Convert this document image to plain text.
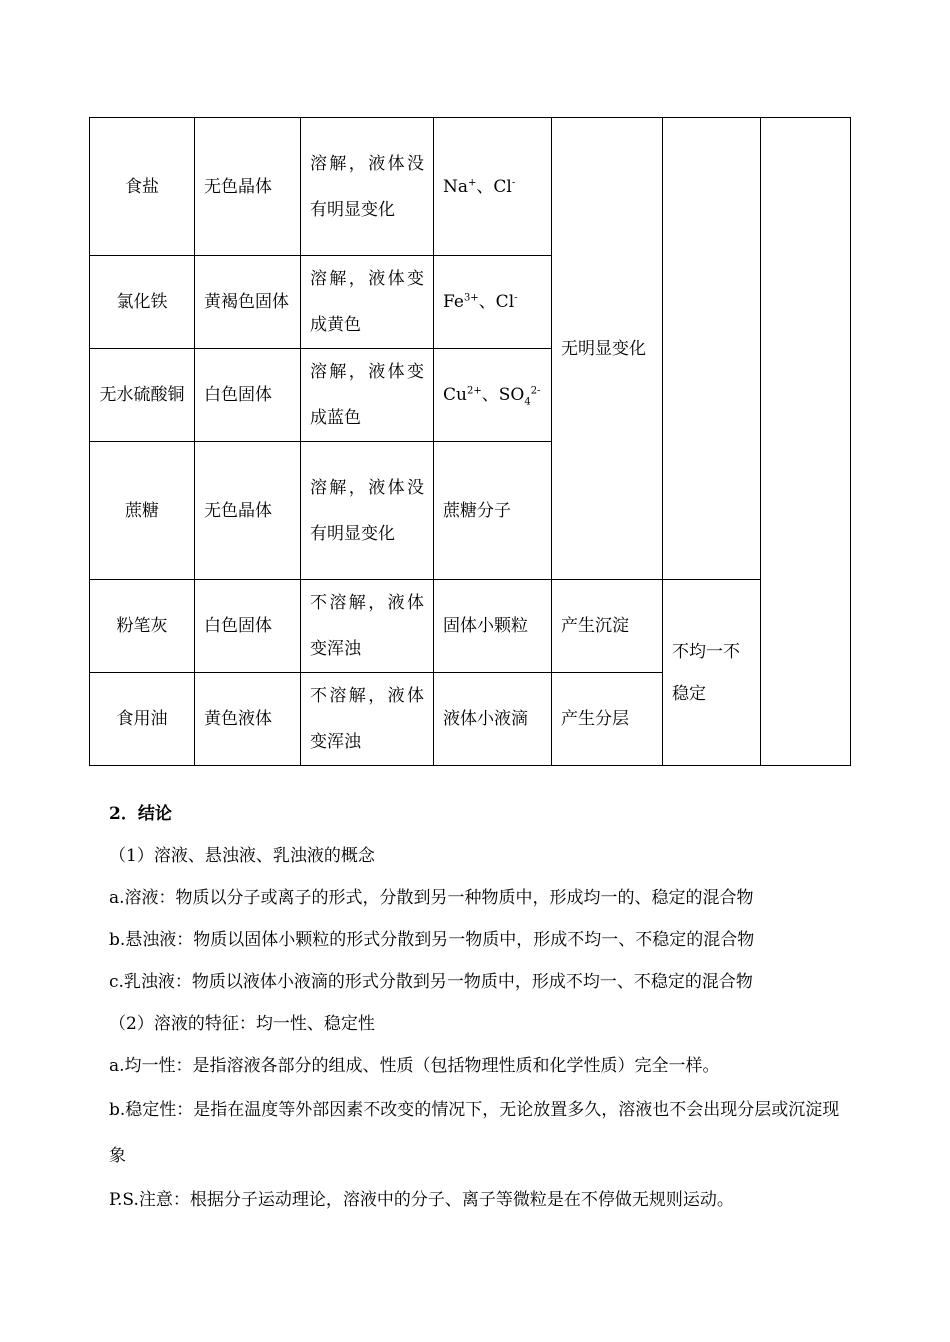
食盐	无色晶体	溶解，液体没有明显变化	Na+、Cl-	无明显变化		
氯化铁	黄褐色固体	溶解，液体变成黄色	$Fe^{3+}$、Cl-
无水硫酸铜	白色固体	溶解，液体变成蓝色	$Cu^{2+}$、$SO_4^{2-}$
蔗糖	无色晶体	溶解，液体没有明显变化	蔗糖分子			
粉笔灰	白色固体	不溶解，液体变浑浊	固体小颗粒	产生沉淀	不均一不稳定	
食用油	黄色液体	不溶解，液体变浑浊	液体小液滴	产生分层		

2．结论

（1）溶液、悬浊液、乳浊液的概念

a.溶液：物质以分子或离子的形式，分散到另一种物质中，形成均一的、稳定的混合物

b.悬浊液：物质以固体小颗粒的形式分散到另一物质中，形成不均一、不稳定的混合物

c.乳浊液：物质以液体小液滴的形式分散到另一物质中，形成不均一、不稳定的混合物

（2）溶液的特征：均一性、稳定性

a.均一性：是指溶液各部分的组成、性质（包括物理性质和化学性质）完全一样。

b.稳定性：是指在温度等外部因素不改变的情况下，无论放置多久，溶液也不会出现分层或沉淀现象

P.S.注意：根据分子运动理论，溶液中的分子、离子等微粒是在不停做无规则运动。
